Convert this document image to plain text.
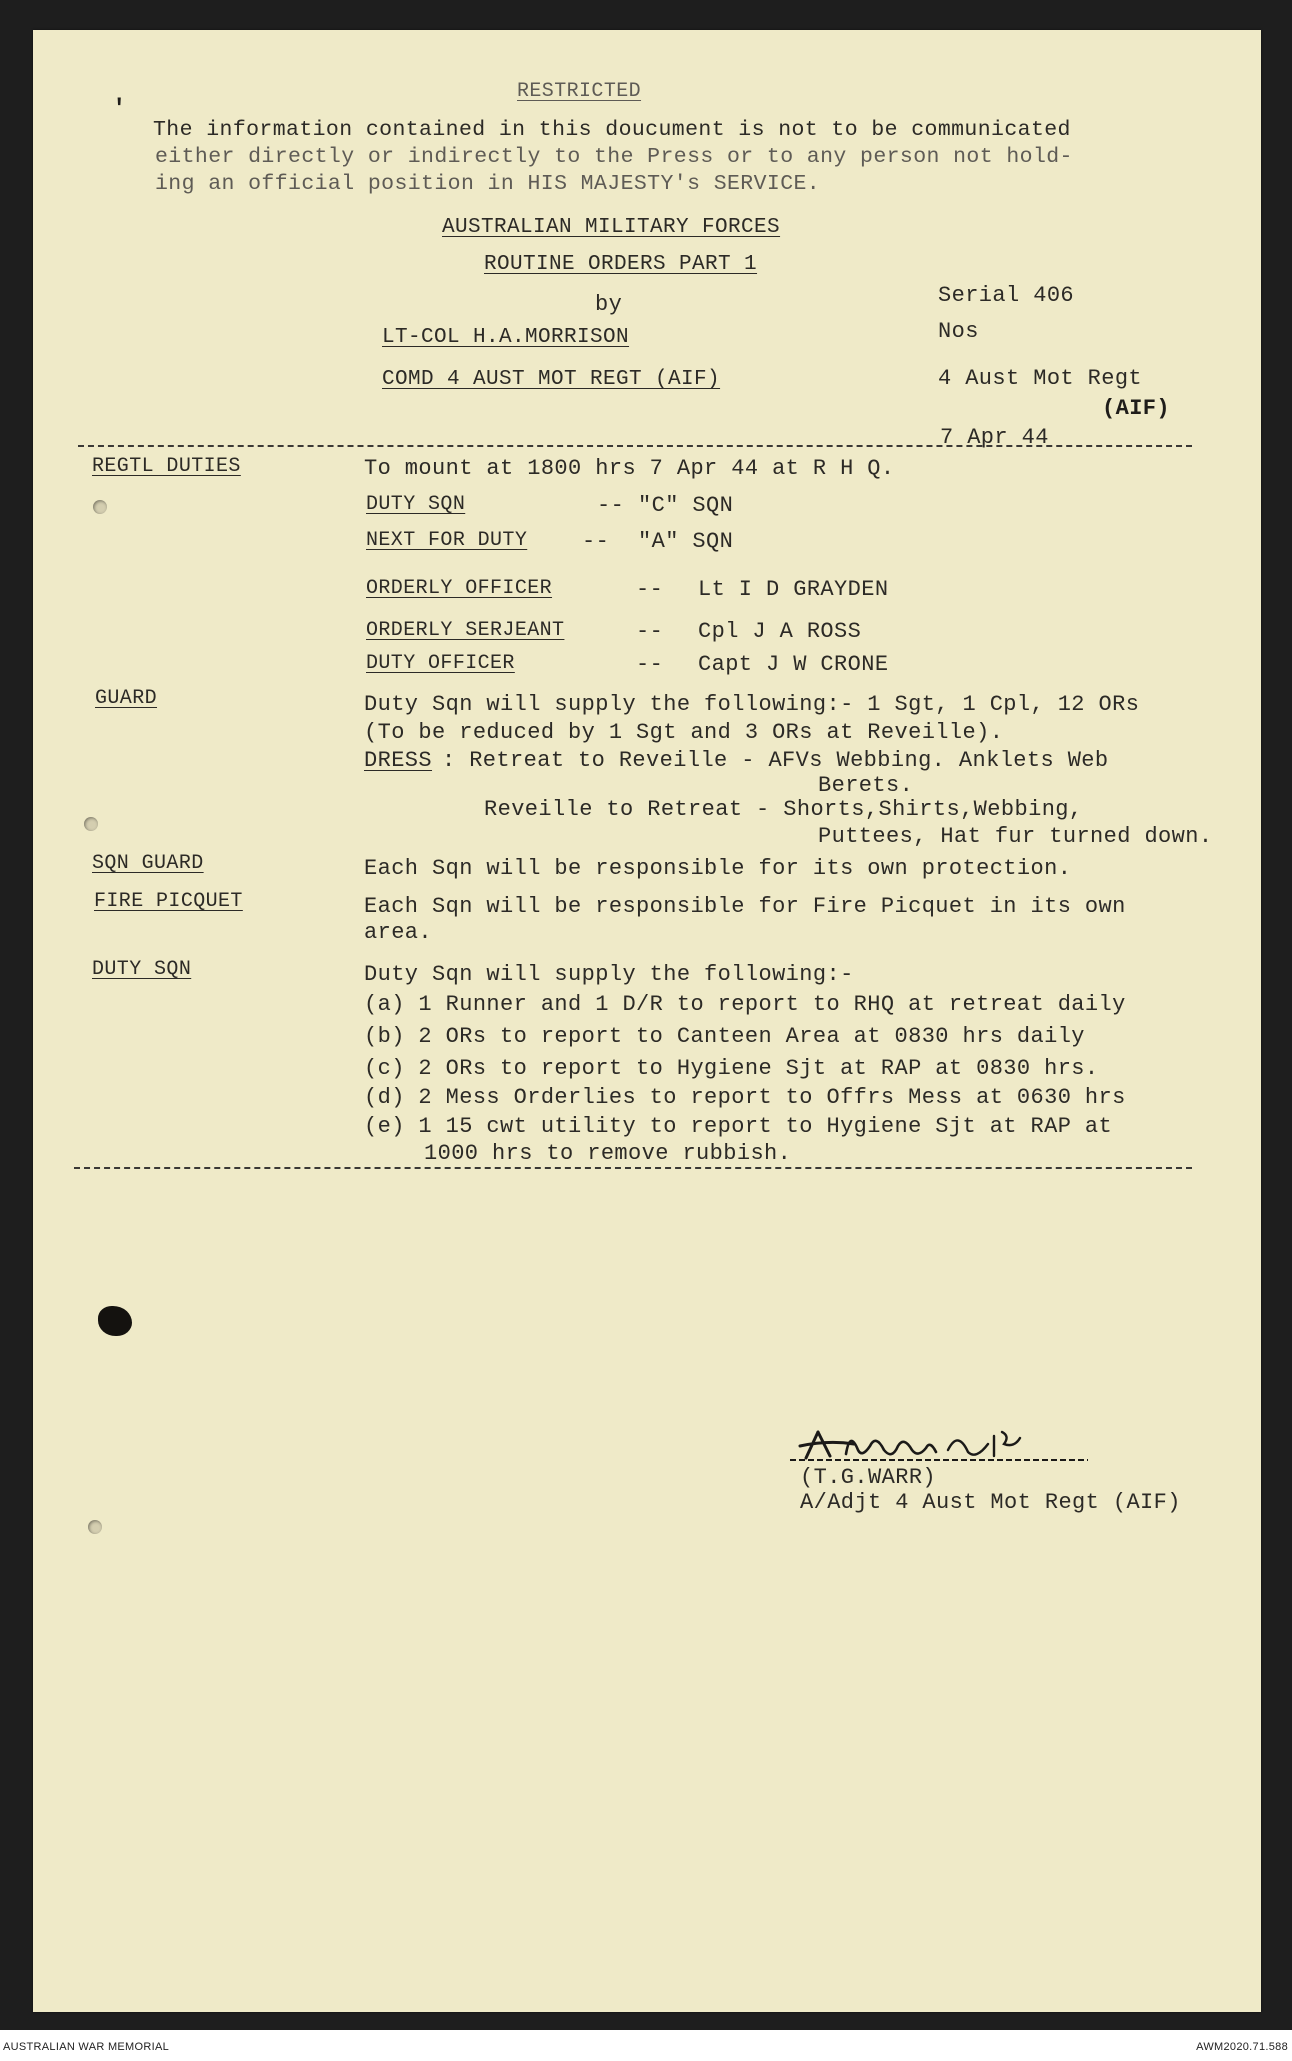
'
RESTRICTED
The information contained in this doucument is not to be communicated
either directly or indirectly to the Press or to any person not hold-
ing an official position in HIS MAJESTY's SERVICE.
AUSTRALIAN MILITARY FORCES
ROUTINE ORDERS PART 1
by
LT-COL H.A.MORRISON
COMD 4 AUST MOT REGT (AIF)
Serial 406
Nos
4 Aust Mot Regt
(AIF)
7 Apr 44
REGTL DUTIES	To mount at 1800 hrs 7 Apr 44 at R H Q.
DUTY SQN	-- "C" SQN
NEXT FOR DUTY -- "A" SQN
ORDERLY OFFICER	-- Lt I D GRAYDEN
ORDERLY SERJEANT	-- Cpl J A ROSS
DUTY OFFICER	-- Capt J W CRONE
GUARD	Duty Sqn will supply the following:- 1 Sgt, 1 Cpl, 12 ORs
(To be reduced by 1 Sgt and 3 ORs at Reveille).
DRESS : Retreat to Reveille - AFVs Webbing. Anklets Web
Berets.
Reveille to Retreat - Shorts,Shirts,Webbing,
Puttees, Hat fur turned down.
SQN GUARD	Each Sqn will be responsible for its own protection.
FIRE PICQUET	Each Sqn will be responsible for Fire Picquet in its own
area.
DUTY SQN	Duty Sqn will supply the following:-
(a) 1 Runner and 1 D/R to report to RHQ at retreat daily
(b) 2 ORs to report to Canteen Area at 0830 hrs daily
(c) 2 ORs to report to Hygiene Sjt at RAP at 0830 hrs.
(d) 2 Mess Orderlies to report to Offrs Mess at 0630 hrs
(e) 1 15 cwt utility to report to Hygiene Sjt at RAP at
1000 hrs to remove rubbish.
(T.G.WARR)
A/Adjt 4 Aust Mot Regt (AIF)
AUSTRALIAN WAR MEMORIAL	AWM2020.71.588
